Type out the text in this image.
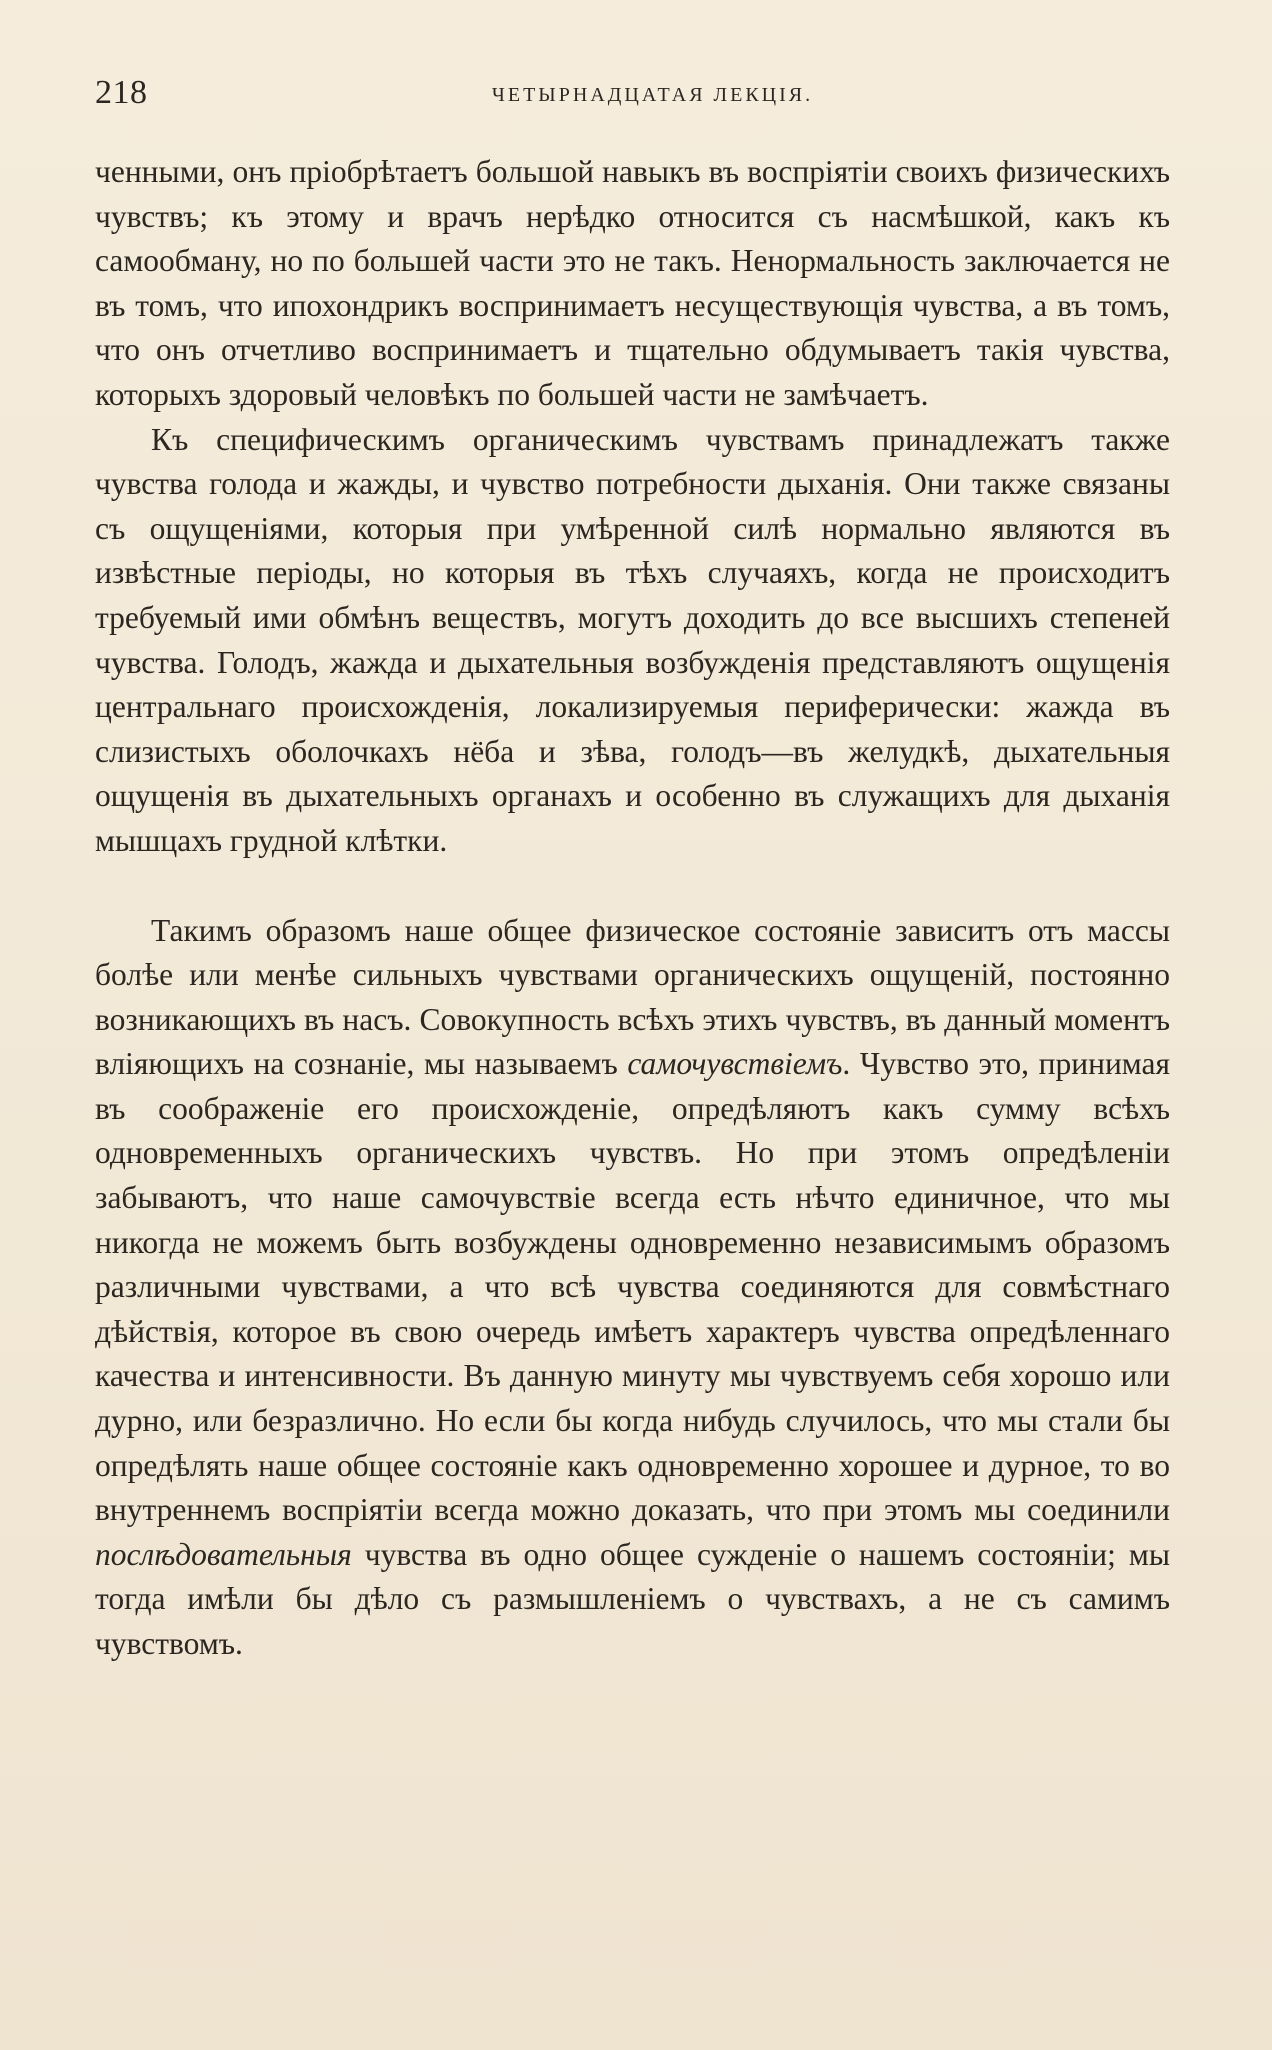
218	ЧЕТЫРНАДЦАТАЯ ЛЕКЦІЯ.

ченными, онъ пріобрѣтаетъ большой навыкъ въ воспріятіи своихъ физическихъ чувствъ; къ этому и врачъ нерѣдко относится съ насмѣшкой, какъ къ самообману, но по большей части это не такъ. Ненормальность заключается не въ томъ, что ипохондрикъ воспринимаетъ несуществующія чувства, а въ томъ, что онъ отчетливо воспринимаетъ и тщательно обдумываетъ такія чувства, которыхъ здоровый человѣкъ по большей части не замѣчаетъ.

Къ специфическимъ органическимъ чувствамъ принадлежатъ также чувства голода и жажды, и чувство потребности дыханія. Они также связаны съ ощущеніями, которыя при умѣренной силѣ нормально являются въ извѣстные періоды, но которыя въ тѣхъ случаяхъ, когда не происходитъ требуемый ими обмѣнъ веществъ, могутъ доходить до все высшихъ степеней чувства. Голодъ, жажда и дыхательныя возбужденія представляютъ ощущенія центральнаго происхожденія, локализируемыя периферически: жажда въ слизистыхъ оболочкахъ нёба и зѣва, голодъ—въ желудкѣ, дыхательныя ощущенія въ дыхательныхъ органахъ и особенно въ служащихъ для дыханія мышцахъ грудной клѣтки.

Такимъ образомъ наше общее физическое состояніе зависитъ отъ массы болѣе или менѣе сильныхъ чувствами органическихъ ощущеній, постоянно возникающихъ въ насъ. Совокупность всѣхъ этихъ чувствъ, въ данный моментъ вліяющихъ на сознаніе, мы называемъ самочувствіемъ. Чувство это, принимая въ соображеніе его происхожденіе, опредѣляютъ какъ сумму всѣхъ одновременныхъ органическихъ чувствъ. Но при этомъ опредѣленіи забываютъ, что наше самочувствіе всегда есть нѣчто единичное, что мы никогда не можемъ быть возбуждены одновременно независимымъ образомъ различными чувствами, а что всѣ чувства соединяются для совмѣстнаго дѣйствія, которое въ свою очередь имѣетъ характеръ чувства опредѣленнаго качества и интенсивности. Въ данную минуту мы чувствуемъ себя хорошо или дурно, или безразлично. Но если бы когда нибудь случилось, что мы стали бы опредѣлять наше общее состояніе какъ одновременно хорошее и дурное, то во внутреннемъ воспріятіи всегда можно доказать, что при этомъ мы соединили послѣдовательныя чувства въ одно общее сужденіе о нашемъ состояніи; мы тогда имѣли бы дѣло съ размышленіемъ о чувствахъ, а не съ самимъ чувствомъ.
